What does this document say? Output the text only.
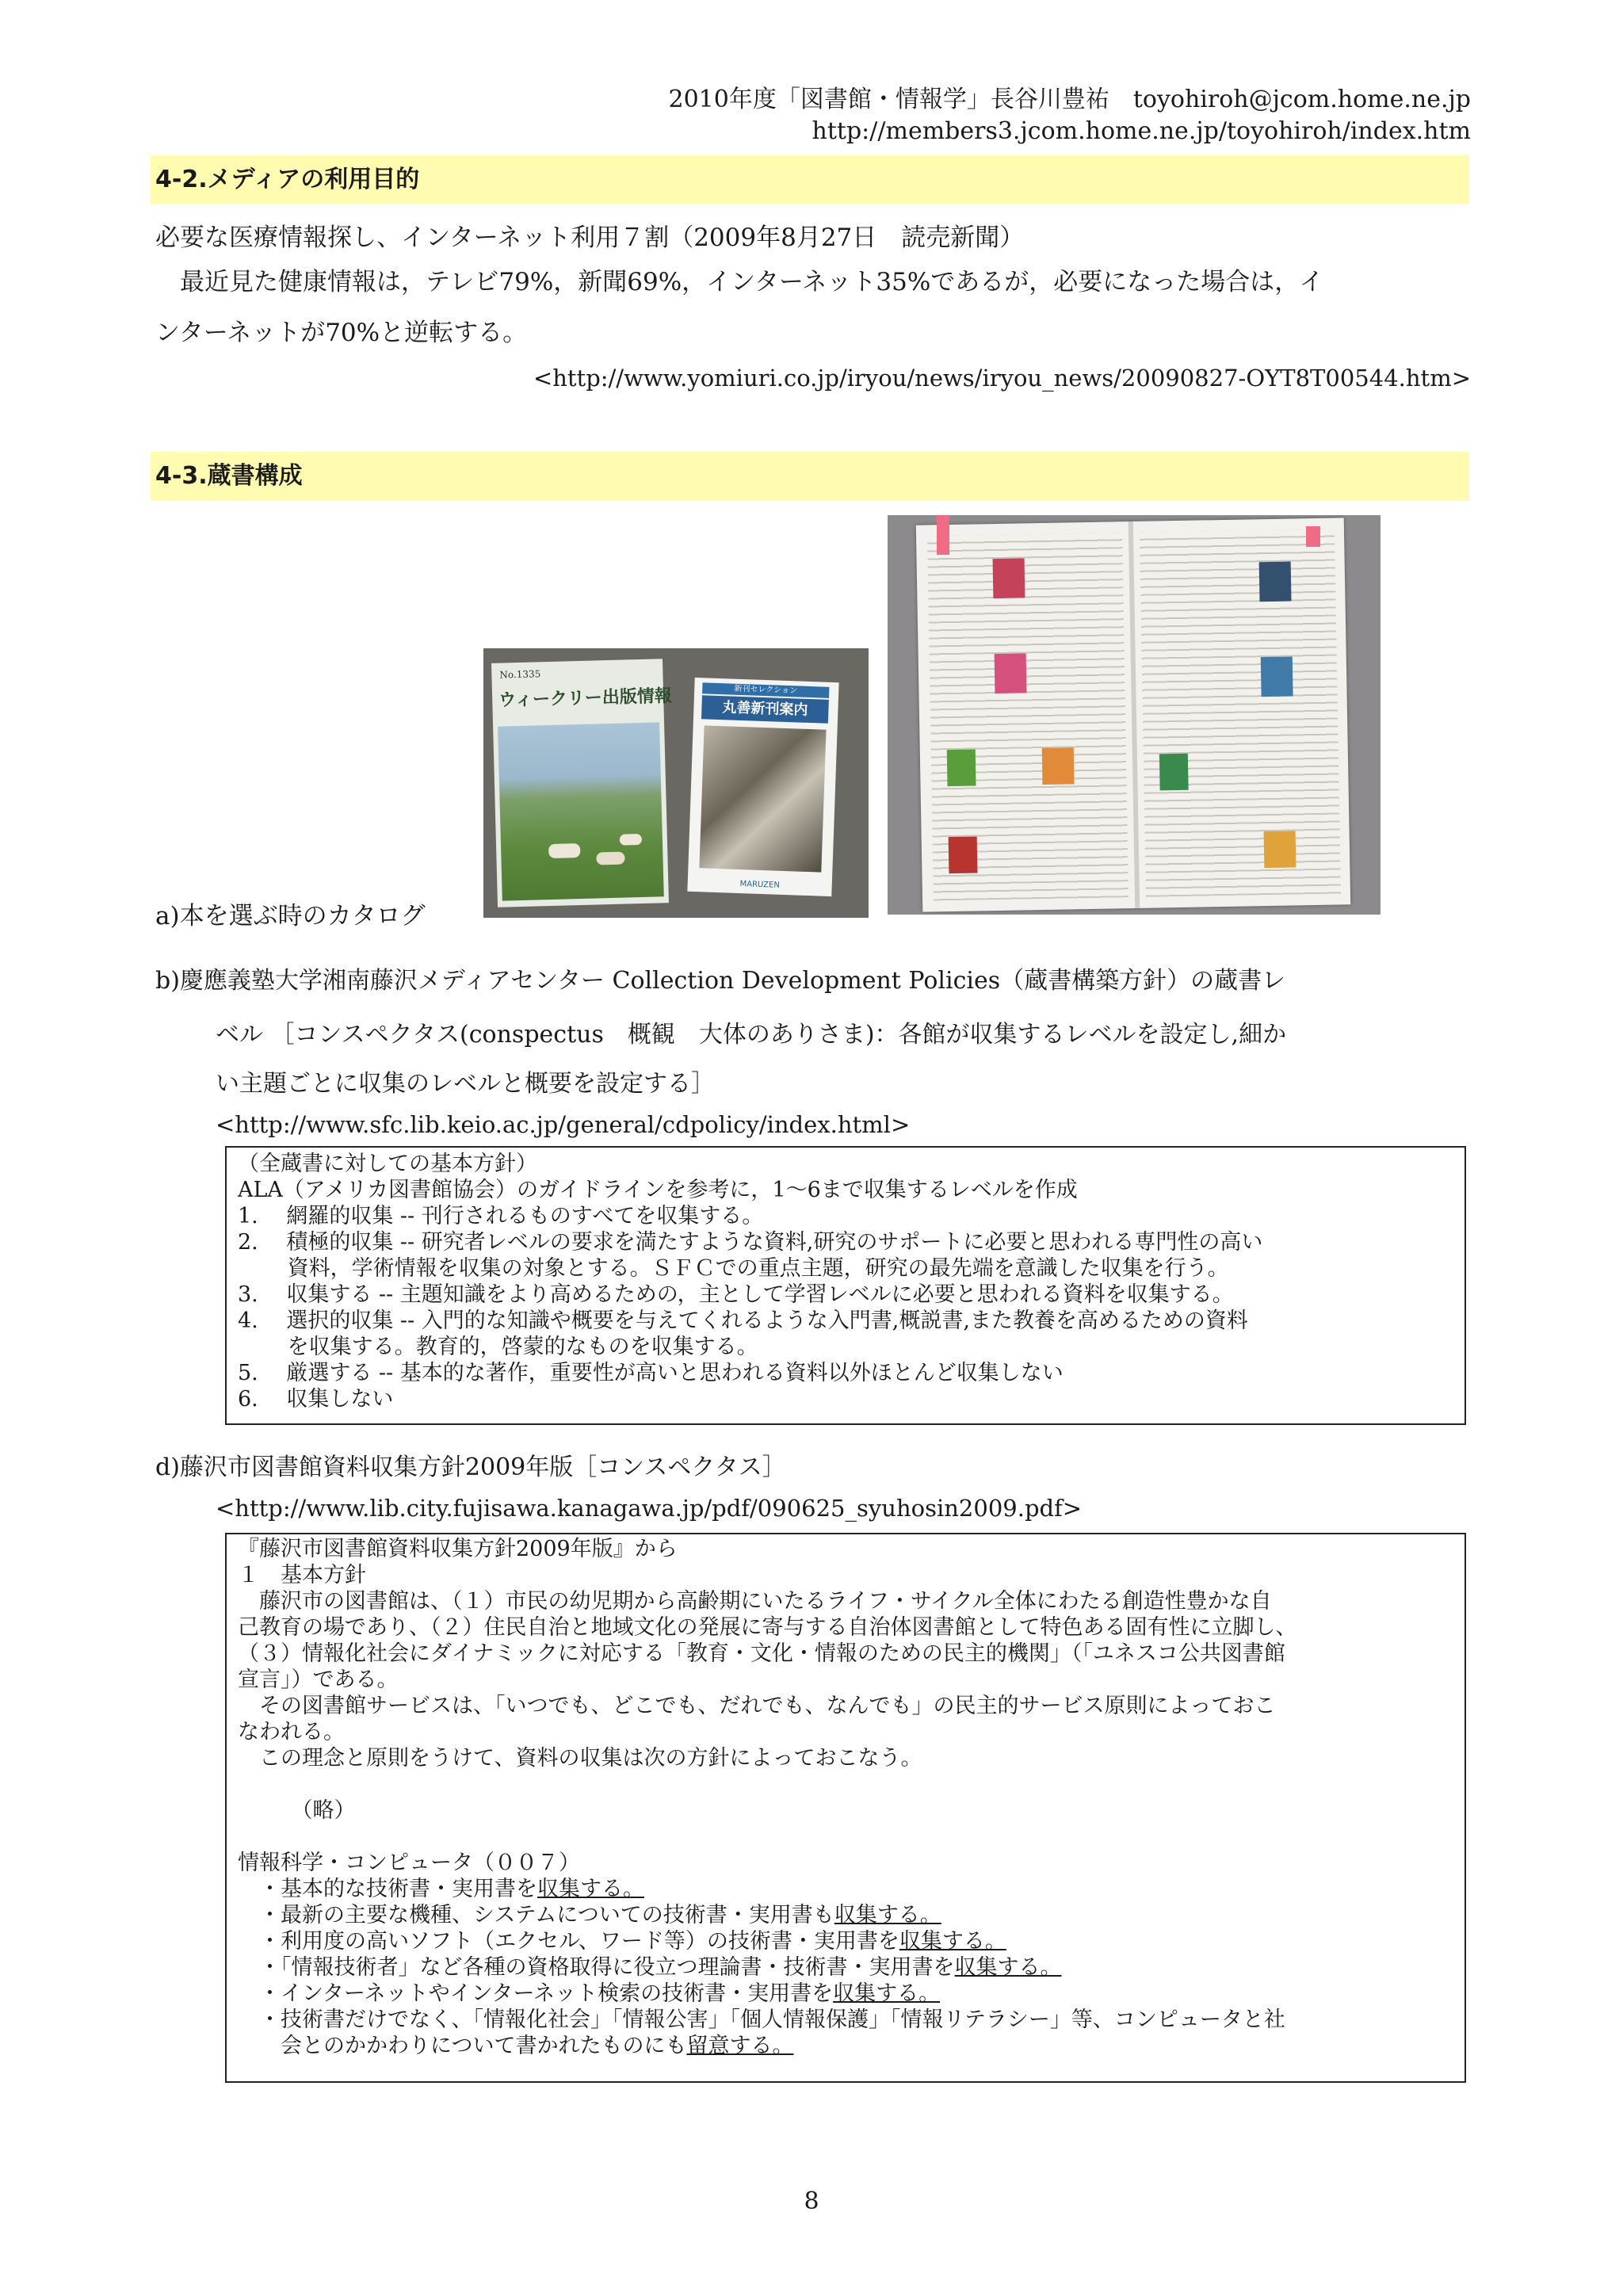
2010年度「図書館・情報学」長谷川豊祐　toyohiroh@jcom.home.ne.jp
http://members3.jcom.home.ne.jp/toyohiroh/index.htm
4-2.メディアの利用目的
必要な医療情報探し、インターネット利用７割（2009年8月27日　読売新聞）
　最近見た健康情報は，テレビ79%，新聞69%，インターネット35%であるが，必要になった場合は，イ
ンターネットが70%と逆転する。
<http://www.yomiuri.co.jp/iryou/news/iryou_news/20090827-OYT8T00544.htm>
4-3.蔵書構成
No.1335
ウィークリー出版情報	新刊セレクション
丸善新刊案内
MARUZEN
a)本を選ぶ時のカタログ
b)慶應義塾大学湘南藤沢メディアセンター Collection Development Policies（蔵書構築方針）の蔵書レ
ベル ［コンスペクタス(conspectus　概観　大体のありさま)：各館が収集するレベルを設定し,細か
い主題ごとに収集のレベルと概要を設定する］
<http://www.sfc.lib.keio.ac.jp/general/cdpolicy/index.html>
（全蔵書に対しての基本方針）
ALA（アメリカ図書館協会）のガイドラインを参考に，1～6まで収集するレベルを作成
1.　 網羅的収集 -- 刊行されるものすべてを収集する。
2.　 積極的収集 -- 研究者レベルの要求を満たすような資料,研究のサポートに必要と思われる専門性の高い
　　 資料，学術情報を収集の対象とする。ＳＦＣでの重点主題，研究の最先端を意識した収集を行う。
3.　 収集する -- 主題知識をより高めるための，主として学習レベルに必要と思われる資料を収集する。
4.　 選択的収集 -- 入門的な知識や概要を与えてくれるような入門書,概説書,また教養を高めるための資料
　　 を収集する。教育的，啓蒙的なものを収集する。
5.　 厳選する -- 基本的な著作，重要性が高いと思われる資料以外ほとんど収集しない
6.　 収集しない
d)藤沢市図書館資料収集方針2009年版［コンスペクタス］
<http://www.lib.city.fujisawa.kanagawa.jp/pdf/090625_syuhosin2009.pdf>
『藤沢市図書館資料収集方針2009年版』から
１　基本方針
　藤沢市の図書館は、（１）市民の幼児期から高齢期にいたるライフ・サイクル全体にわたる創造性豊かな自
己教育の場であり、（２）住民自治と地域文化の発展に寄与する自治体図書館として特色ある固有性に立脚し、
（３）情報化社会にダイナミックに対応する「教育・文化・情報のための民主的機関」（「ユネスコ公共図書館
宣言」）である。
　その図書館サービスは、「いつでも、どこでも、だれでも、なんでも」の民主的サービス原則によっておこ
なわれる。
　この理念と原則をうけて、資料の収集は次の方針によっておこなう。
　　　（略）
情報科学・コンピュータ（００７）
　・基本的な技術書・実用書を収集する。
　・最新の主要な機種、システムについての技術書・実用書も収集する。
　・利用度の高いソフト（エクセル、ワード等）の技術書・実用書を収集する。
　・「情報技術者」など各種の資格取得に役立つ理論書・技術書・実用書を収集する。
　・インターネットやインターネット検索の技術書・実用書を収集する。
　・技術書だけでなく、「情報化社会」「情報公害」「個人情報保護」「情報リテラシー」等、コンピュータと社
　　会とのかかわりについて書かれたものにも留意する。
8
